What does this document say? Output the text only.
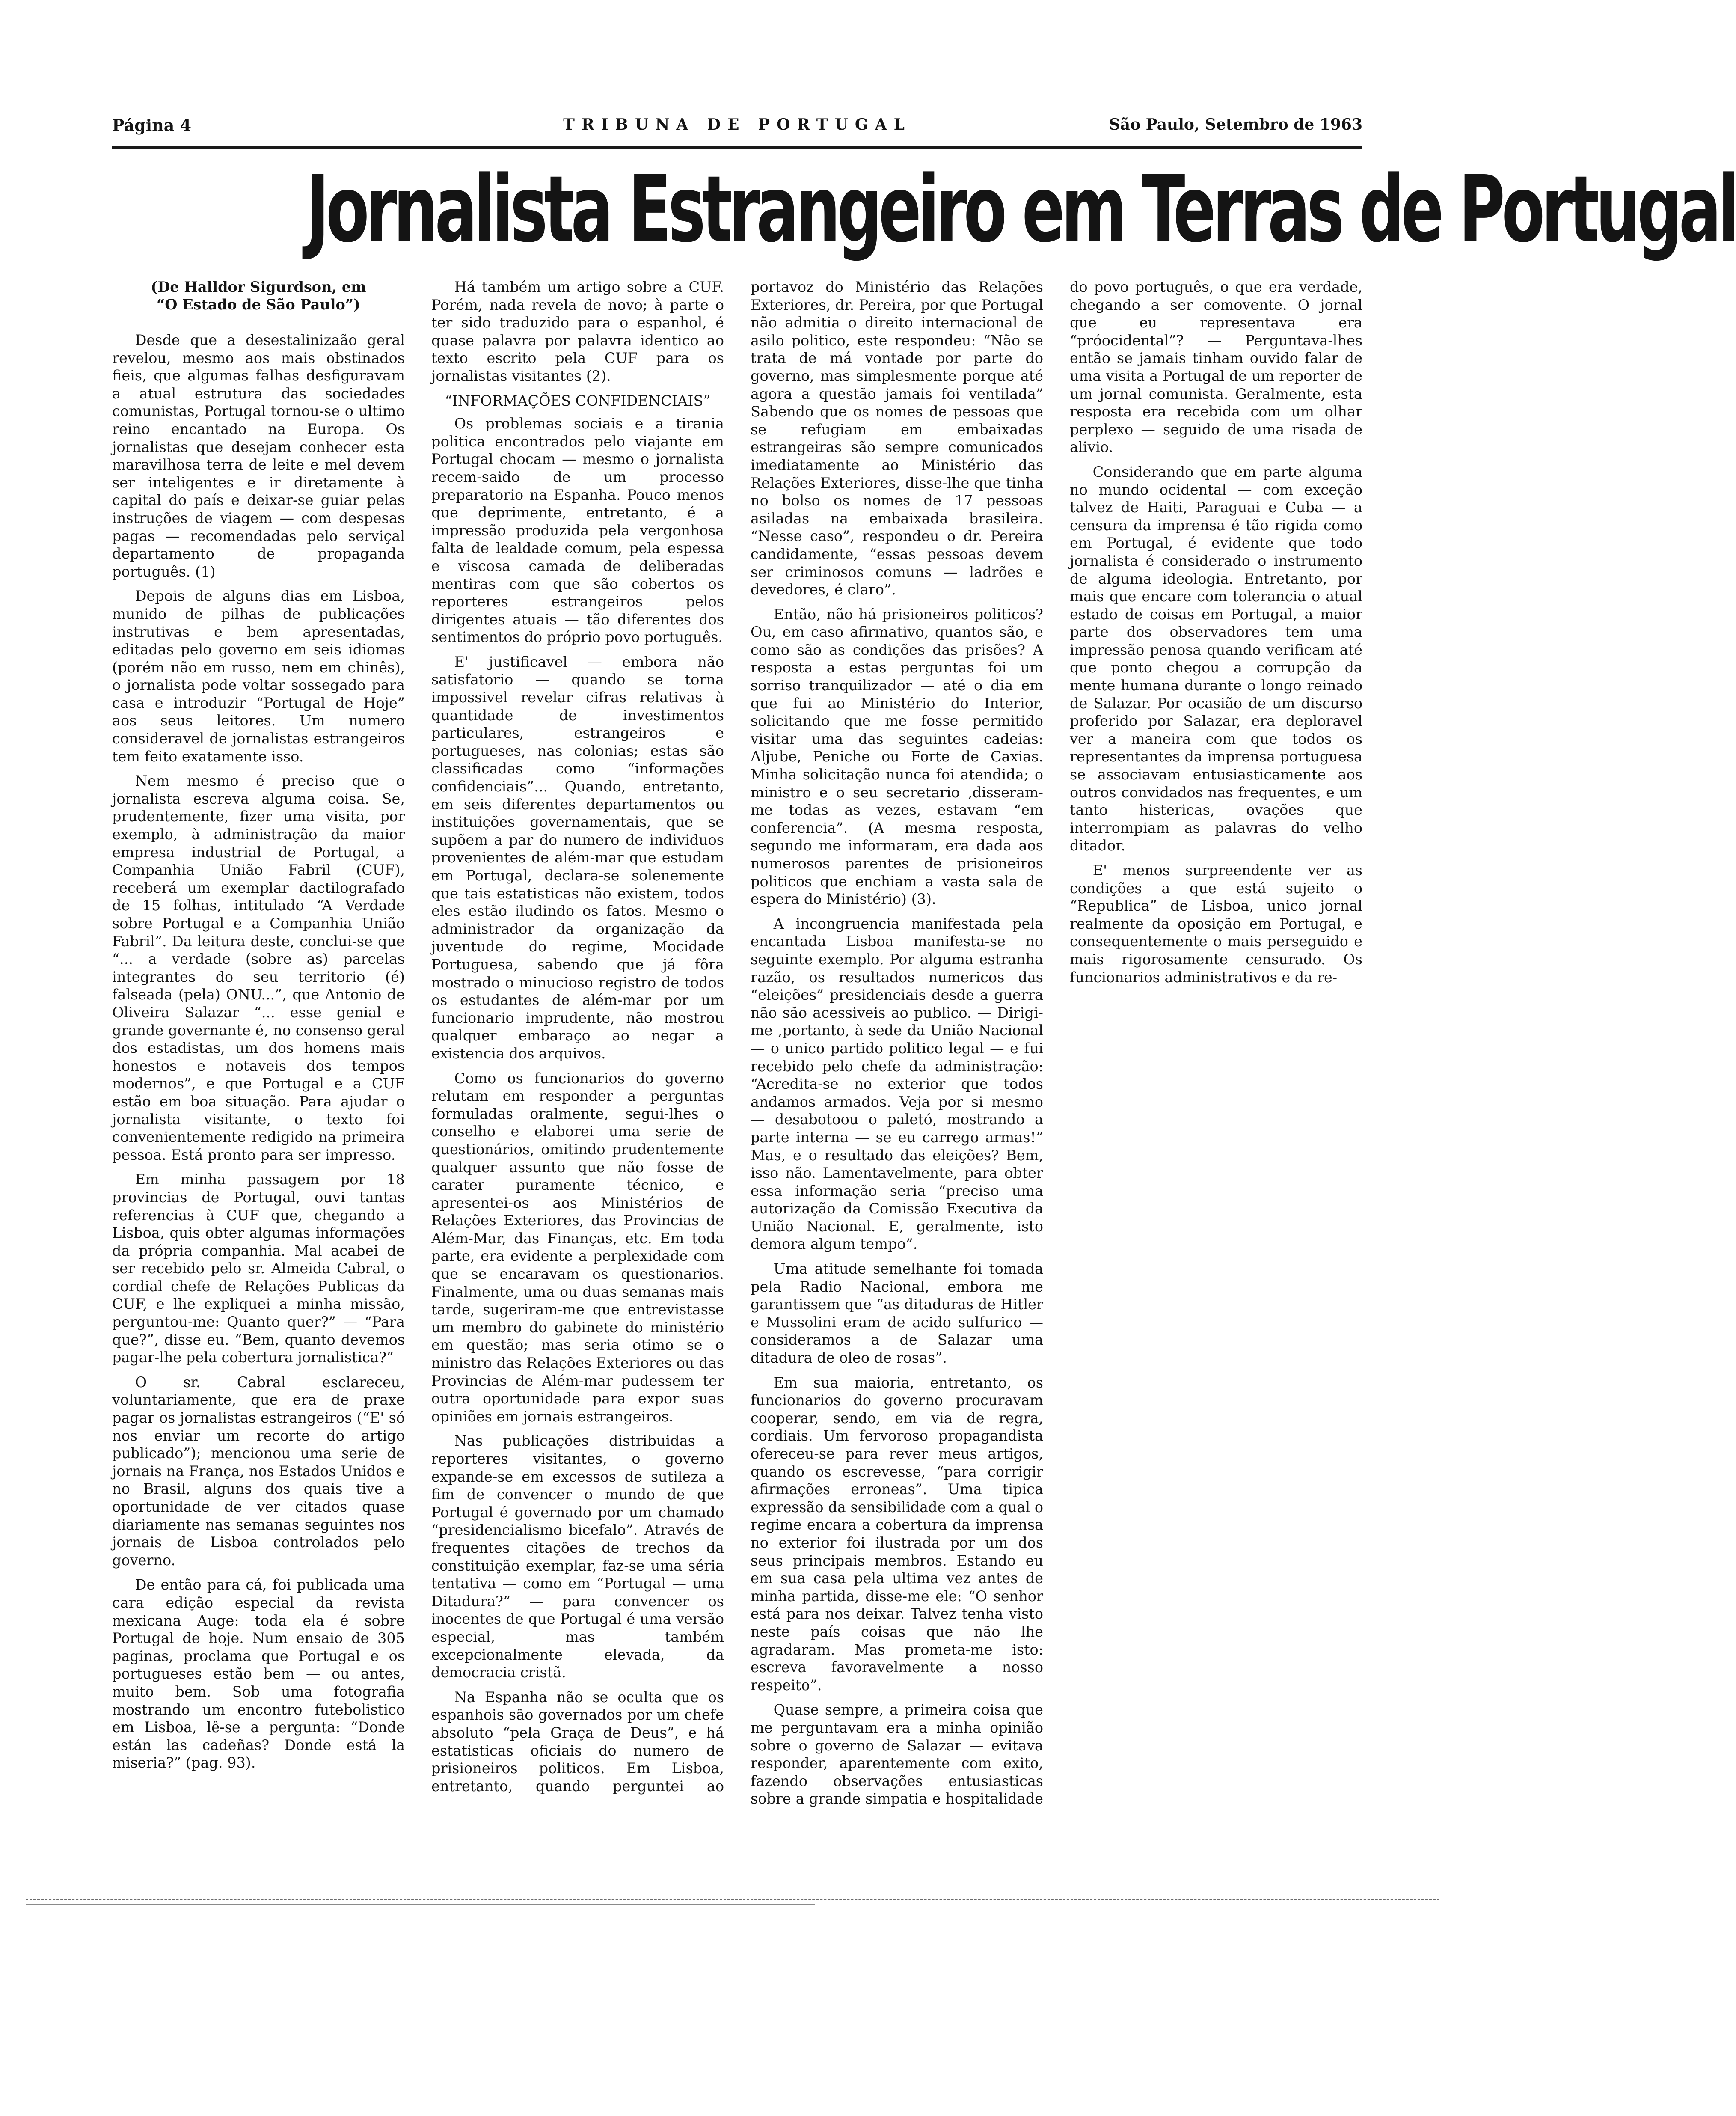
Página 4	TRIBUNA DE PORTUGAL	São Paulo, Setembro de 1963
Jornalista Estrangeiro em Terras de Portugal
(De Halldor Sigurdson, em
“O Estado de São Paulo”)

Desde que a desestalinizaão geral revelou, mesmo aos mais obstinados fieis, que algumas falhas desfiguravam a atual estrutura das sociedades comunistas, Portugal tornou-se o ultimo reino encantado na Europa. Os jornalistas que desejam conhecer esta maravilhosa terra de leite e mel devem ser inteligentes e ir diretamente à capital do país e deixar-se guiar pelas instruções de viagem — com despesas pagas — recomendadas pelo serviçal departamento de propaganda português. (1)

Depois de alguns dias em Lisboa, munido de pilhas de publicações instrutivas e bem apresentadas, editadas pelo governo em seis idiomas (porém não em russo, nem em chinês), o jornalista pode voltar sossegado para casa e introduzir “Portugal de Hoje” aos seus leitores. Um numero consideravel de jornalistas estrangeiros tem feito exatamente isso.

Nem mesmo é preciso que o jornalista escreva alguma coisa. Se, prudentemente, fizer uma visita, por exemplo, à administração da maior empresa industrial de Portugal, a Companhia União Fabril (CUF), receberá um exemplar dactilografado de 15 folhas, intitulado “A Verdade sobre Portugal e a Companhia União Fabril”. Da leitura deste, conclui-se que “... a verdade (sobre as) parcelas integrantes do seu territorio (é) falseada (pela) ONU...”, que Antonio de Oliveira Salazar “... esse genial e grande governante é, no consenso geral dos estadistas, um dos homens mais honestos e notaveis dos tempos modernos”, e que Portugal e a CUF estão em boa situação. Para ajudar o jornalista visitante, o texto foi convenientemente redigido na primeira pessoa. Está pronto para ser impresso.

Em minha passagem por 18 provincias de Portugal, ouvi tantas referencias à CUF que, chegando a Lisboa, quis obter algumas informações da própria companhia. Mal acabei de ser recebido pelo sr. Almeida Cabral, o cordial chefe de Relações Publicas da CUF, e lhe expliquei a minha missão, perguntou-me: Quanto quer?” — “Para que?”, disse eu. “Bem, quanto devemos pagar-lhe pela cobertura jornalistica?”

O sr. Cabral esclareceu, voluntariamente, que era de praxe pagar os jornalistas estrangeiros (“E' só nos enviar um recorte do artigo publicado”); mencionou uma serie de jornais na França, nos Estados Unidos e no Brasil, alguns dos quais tive a oportunidade de ver citados quase diariamente nas semanas seguintes nos jornais de Lisboa controlados pelo governo.

De então para cá, foi publicada uma cara edição especial da revista mexicana Auge: toda ela é sobre Portugal de hoje. Num ensaio de 305 paginas, proclama que Portugal e os portugueses estão bem — ou antes, muito bem. Sob uma fotografia mostrando um encontro futebolistico em Lisboa, lê-se a pergunta: “Donde están las cadeñas? Donde está la miseria?” (pag. 93).

Há também um artigo sobre a CUF. Porém, nada revela de novo; à parte o ter sido traduzido para o espanhol, é quase palavra por palavra identico ao texto escrito pela CUF para os jornalistas visitantes (2).

“INFORMAÇÕES CONFIDENCIAIS”

Os problemas sociais e a tirania politica encontrados pelo viajante em Portugal chocam — mesmo o jornalista recem-saido de um processo preparatorio na Espanha. Pouco menos que deprimente, entretanto, é a impressão produzida pela vergonhosa falta de lealdade comum, pela espessa e viscosa camada de deliberadas mentiras com que são cobertos os reporteres estrangeiros pelos dirigentes atuais — tão diferentes dos sentimentos do próprio povo português.

E' justificavel — embora não satisfatorio — quando se torna impossivel revelar cifras relativas à quantidade de investimentos particulares, estrangeiros e portugueses, nas colonias; estas são classificadas como “informações confidenciais”... Quando, entretanto, em seis diferentes departamentos ou instituições governamentais, que se supõem a par do numero de individuos provenientes de além-mar que estudam em Portugal, declara-se solenemente que tais estatisticas não existem, todos eles estão iludindo os fatos. Mesmo o administrador da organização da juventude do regime, Mocidade Portuguesa, sabendo que já fôra mostrado o minucioso registro de todos os estudantes de além-mar por um funcionario imprudente, não mostrou qualquer embaraço ao negar a existencia dos arquivos.

Como os funcionarios do governo relutam em responder a perguntas formuladas oralmente, segui-lhes o conselho e elaborei uma serie de questionários, omitindo prudentemente qualquer assunto que não fosse de carater puramente técnico, e apresentei-os aos Ministérios de Relações Exteriores, das Provincias de Além-Mar, das Finanças, etc. Em toda parte, era evidente a perplexidade com que se encaravam os questionarios. Finalmente, uma ou duas semanas mais tarde, sugeriram-me que entrevistasse um membro do gabinete do ministério em questão; mas seria otimo se o ministro das Relações Exteriores ou das Provincias de Além-mar pudessem ter outra oportunidade para expor suas opiniões em jornais estrangeiros.

Nas publicações distribuidas a reporteres visitantes, o governo expande-se em excessos de sutileza a fim de convencer o mundo de que Portugal é governado por um chamado “presidencialismo bicefalo”. Através de frequentes citações de trechos da constituição exemplar, faz-se uma séria tentativa — como em “Portugal — uma Ditadura?” — para convencer os inocentes de que Portugal é uma versão especial, mas também excepcionalmente elevada, da democracia cristã.

Na Espanha não se oculta que os espanhois são governados por um chefe absoluto “pela Graça de Deus”, e há estatisticas oficiais do numero de prisioneiros politicos. Em Lisboa, entretanto, quando perguntei ao portavoz do Ministério das Relações Exteriores, dr. Pereira, por que Portugal não admitia o direito internacional de asilo politico, este respondeu: “Não se trata de má vontade por parte do governo, mas simplesmente porque até agora a questão jamais foi ventilada” Sabendo que os nomes de pessoas que se refugiam em embaixadas estrangeiras são sempre comunicados imediatamente ao Ministério das Relações Exteriores, disse-lhe que tinha no bolso os nomes de 17 pessoas asiladas na embaixada brasileira. “Nesse caso”, respondeu o dr. Pereira candidamente, “essas pessoas devem ser criminosos comuns — ladrões e devedores, é claro”.

Então, não há prisioneiros politicos? Ou, em caso afirmativo, quantos são, e como são as condições das prisões? A resposta a estas perguntas foi um sorriso tranquilizador — até o dia em que fui ao Ministério do Interior, solicitando que me fosse permitido visitar uma das seguintes cadeias: Aljube, Peniche ou Forte de Caxias. Minha solicitação nunca foi atendida; o ministro e o seu secretario ,disseram-me todas as vezes, estavam “em conferencia”. (A mesma resposta, segundo me informaram, era dada aos numerosos parentes de prisioneiros politicos que enchiam a vasta sala de espera do Ministério) (3).

A incongruencia manifestada pela encantada Lisboa manifesta-se no seguinte exemplo. Por alguma estranha razão, os resultados numericos das “eleições” presidenciais desde a guerra não são acessiveis ao publico. — Dirigi-me ,portanto, à sede da União Nacional — o unico partido politico legal — e fui recebido pelo chefe da administração: “Acredita-se no exterior que todos andamos armados. Veja por si mesmo — desabotoou o paletó, mostrando a parte interna — se eu carrego armas!” Mas, e o resultado das eleições? Bem, isso não. Lamentavelmente, para obter essa informação seria “preciso uma autorização da Comissão Executiva da União Nacional. E, geralmente, isto demora algum tempo”.

Uma atitude semelhante foi tomada pela Radio Nacional, embora me garantissem que “as ditaduras de Hitler e Mussolini eram de acido sulfurico — consideramos a de Salazar uma ditadura de oleo de rosas”.

Em sua maioria, entretanto, os funcionarios do governo procuravam cooperar, sendo, em via de regra, cordiais. Um fervoroso propagandista ofereceu-se para rever meus artigos, quando os escrevesse, “para corrigir afirmações erroneas”. Uma tipica expressão da sensibilidade com a qual o regime encara a cobertura da imprensa no exterior foi ilustrada por um dos seus principais membros. Estando eu em sua casa pela ultima vez antes de minha partida, disse-me ele: “O senhor está para nos deixar. Talvez tenha visto neste país coisas que não lhe agradaram. Mas prometa-me isto: escreva favoravelmente a nosso respeito”.

Quase sempre, a primeira coisa que me perguntavam era a minha opinião sobre o governo de Salazar — evitava responder, aparentemente com exito, fazendo observações entusiasticas sobre a grande simpatia e hospitalidade do povo português, o que era verdade, chegando a ser comovente. O jornal que eu representava era “próocidental”? — Perguntava-lhes então se jamais tinham ouvido falar de uma visita a Portugal de um reporter de um jornal comunista. Geralmente, esta resposta era recebida com um olhar perplexo — seguido de uma risada de alivio.

Considerando que em parte alguma no mundo ocidental — com exceção talvez de Haiti, Paraguai e Cuba — a censura da imprensa é tão rigida como em Portugal, é evidente que todo jornalista é considerado o instrumento de alguma ideologia. Entretanto, por mais que encare com tolerancia o atual estado de coisas em Portugal, a maior parte dos observadores tem uma impressão penosa quando verificam até que ponto chegou a corrupção da mente humana durante o longo reinado de Salazar. Por ocasião de um discurso proferido por Salazar, era deploravel ver a maneira com que todos os representantes da imprensa portuguesa se associavam entusiasticamente aos outros convidados nas frequentes, e um tanto histericas, ovações que interrompiam as palavras do velho ditador.

E' menos surpreendente ver as condições a que está sujeito o “Republica” de Lisboa, unico jornal realmente da oposição em Portugal, e consequentemente o mais perseguido e mais rigorosamente censurado. Os funcionarios administrativos e da re-
